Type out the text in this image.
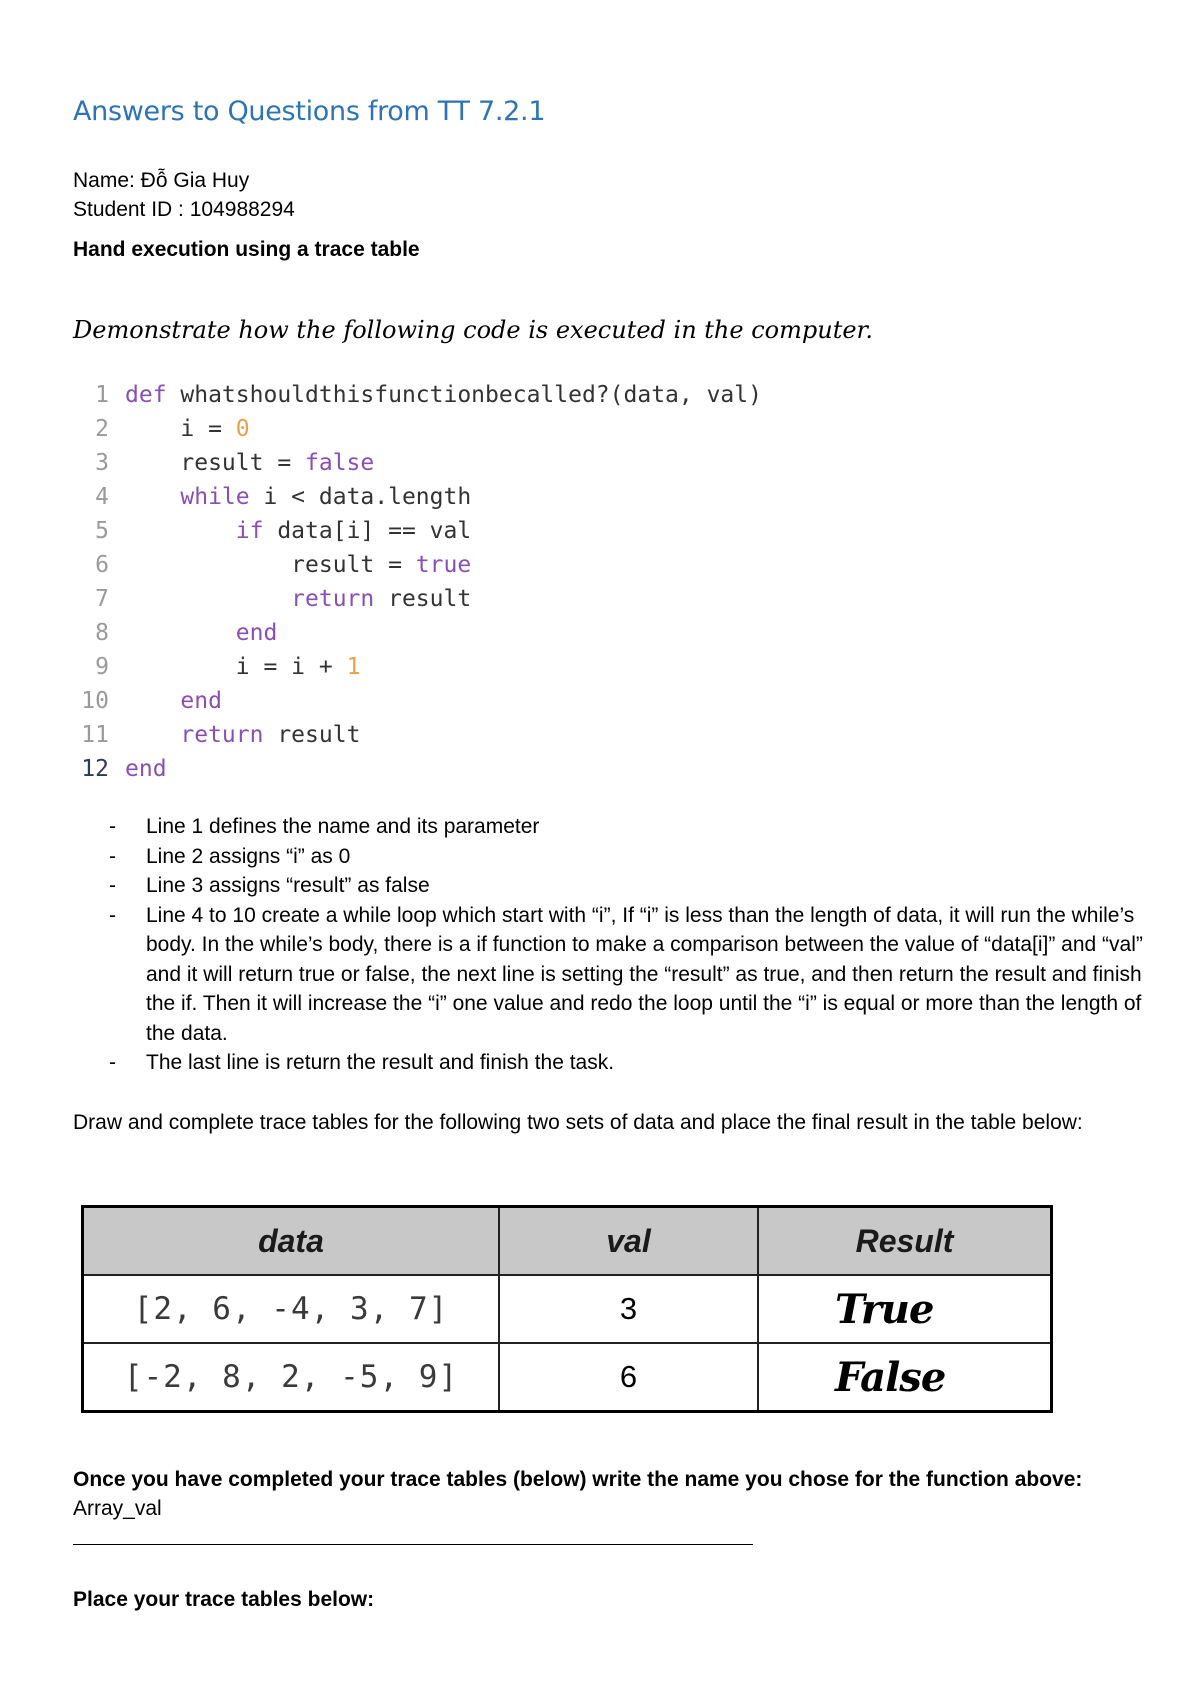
Answers to Questions from TT 7.2.1
Name: Đỗ Gia Huy
Student ID : 104988294
Hand execution using a trace table
Demonstrate how the following code is executed in the computer.
1 def whatshouldthisfunctionbecalled?(data, val)
2    i = 0
3    result = false
4	while i < data.length
5	if data[i] == val
6            result = true
7	return result
8	end
9        i = i + 1
10	end
11	return result
12 end
- Line 1 defines the name and its parameter
- Line 2 assigns “i” as 0
- Line 3 assigns “result” as false
- Line 4 to 10 create a while loop which start with “i”, If “i” is less than the length of data, it will run the while’s body. In the while’s body, there is a if function to make a comparison between the value of “data[i]” and “val” and it will return true or false, the next line is setting the “result” as true, and then return the result and finish the if. Then it will increase the “i” one value and redo the loop until the “i” is equal or more than the length of the data.
- The last line is return the result and finish the task.
Draw and complete trace tables for the following two sets of data and place the final result in the table below:
data	val	Result
[2, 6, -4, 3, 7]	3	True
[-2, 8, 2, -5, 9]	6	False
Once you have completed your trace tables (below) write the name you chose for the function above:
Array_val
Place your trace tables below:
